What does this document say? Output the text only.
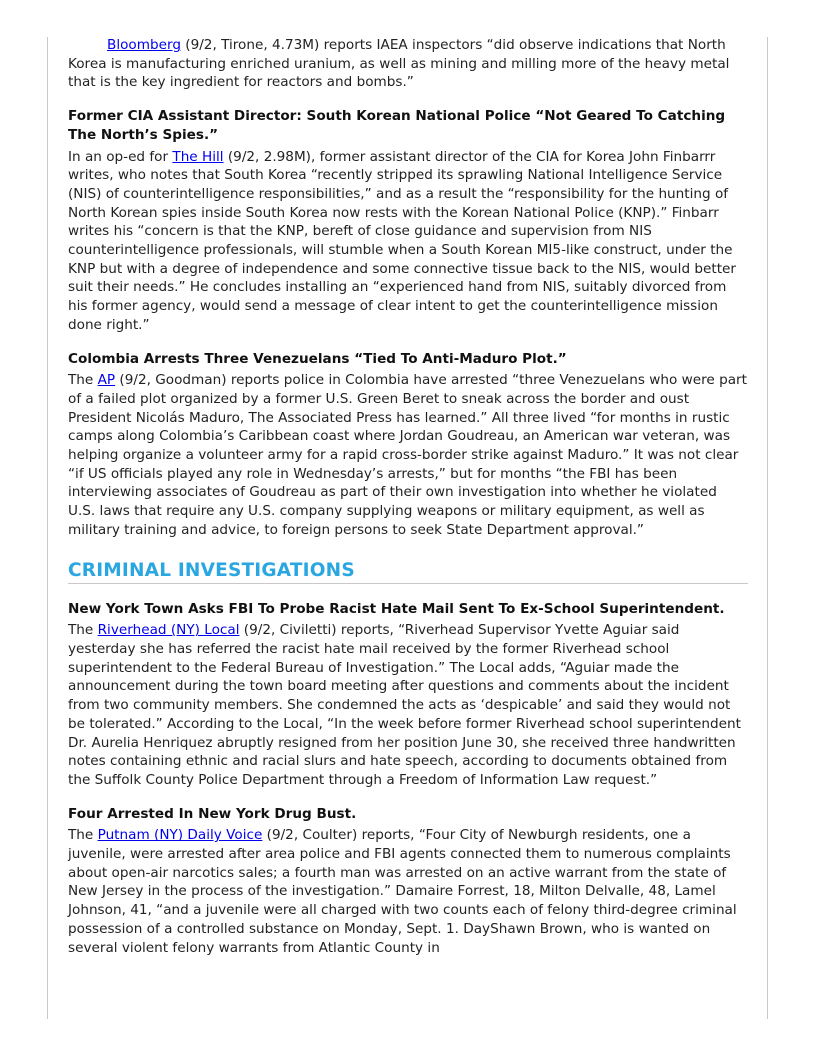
Bloomberg (9/2, Tirone, 4.73M) reports IAEA inspectors “did observe indications that North Korea is manufacturing enriched uranium, as well as mining and milling more of the heavy metal that is the key ingredient for reactors and bombs.”

Former CIA Assistant Director: South Korean National Police “Not Geared To Catching The North’s Spies.”

In an op-ed for The Hill (9/2, 2.98M), former assistant director of the CIA for Korea John Finbarrr writes, who notes that South Korea “recently stripped its sprawling National Intelligence Service (NIS) of counterintelligence responsibilities,” and as a result the “responsibility for the hunting of North Korean spies inside South Korea now rests with the Korean National Police (KNP).” Finbarr writes his “concern is that the KNP, bereft of close guidance and supervision from NIS counterintelligence professionals, will stumble when a South Korean MI5-like construct, under the KNP but with a degree of independence and some connective tissue back to the NIS, would better suit their needs.” He concludes installing an “experienced hand from NIS, suitably divorced from his former agency, would send a message of clear intent to get the counterintelligence mission done right.”

Colombia Arrests Three Venezuelans “Tied To Anti-Maduro Plot.”

The AP (9/2, Goodman) reports police in Colombia have arrested “three Venezuelans who were part of a failed plot organized by a former U.S. Green Beret to sneak across the border and oust President Nicolás Maduro, The Associated Press has learned.” All three lived “for months in rustic camps along Colombia’s Caribbean coast where Jordan Goudreau, an American war veteran, was helping organize a volunteer army for a rapid cross-border strike against Maduro.” It was not clear “if US officials played any role in Wednesday’s arrests,” but for months “the FBI has been interviewing associates of Goudreau as part of their own investigation into whether he violated U.S. laws that require any U.S. company supplying weapons or military equipment, as well as military training and advice, to foreign persons to seek State Department approval.”

CRIMINAL INVESTIGATIONS
New York Town Asks FBI To Probe Racist Hate Mail Sent To Ex-School Superintendent.

The Riverhead (NY) Local (9/2, Civiletti) reports, “Riverhead Supervisor Yvette Aguiar said yesterday she has referred the racist hate mail received by the former Riverhead school superintendent to the Federal Bureau of Investigation.” The Local adds, “Aguiar made the announcement during the town board meeting after questions and comments about the incident from two community members. She condemned the acts as ‘despicable’ and said they would not be tolerated.” According to the Local, “In the week before former Riverhead school superintendent Dr. Aurelia Henriquez abruptly resigned from her position June 30, she received three handwritten notes containing ethnic and racial slurs and hate speech, according to documents obtained from the Suffolk County Police Department through a Freedom of Information Law request.”

Four Arrested In New York Drug Bust.

The Putnam (NY) Daily Voice (9/2, Coulter) reports, “Four City of Newburgh residents, one a juvenile, were arrested after area police and FBI agents connected them to numerous complaints about open-air narcotics sales; a fourth man was arrested on an active warrant from the state of New Jersey in the process of the investigation.” Damaire Forrest, 18, Milton Delvalle, 48, Lamel Johnson, 41, “and a juvenile were all charged with two counts each of felony third-degree criminal possession of a controlled substance on Monday, Sept. 1. DayShawn Brown, who is wanted on several violent felony warrants from Atlantic County in
